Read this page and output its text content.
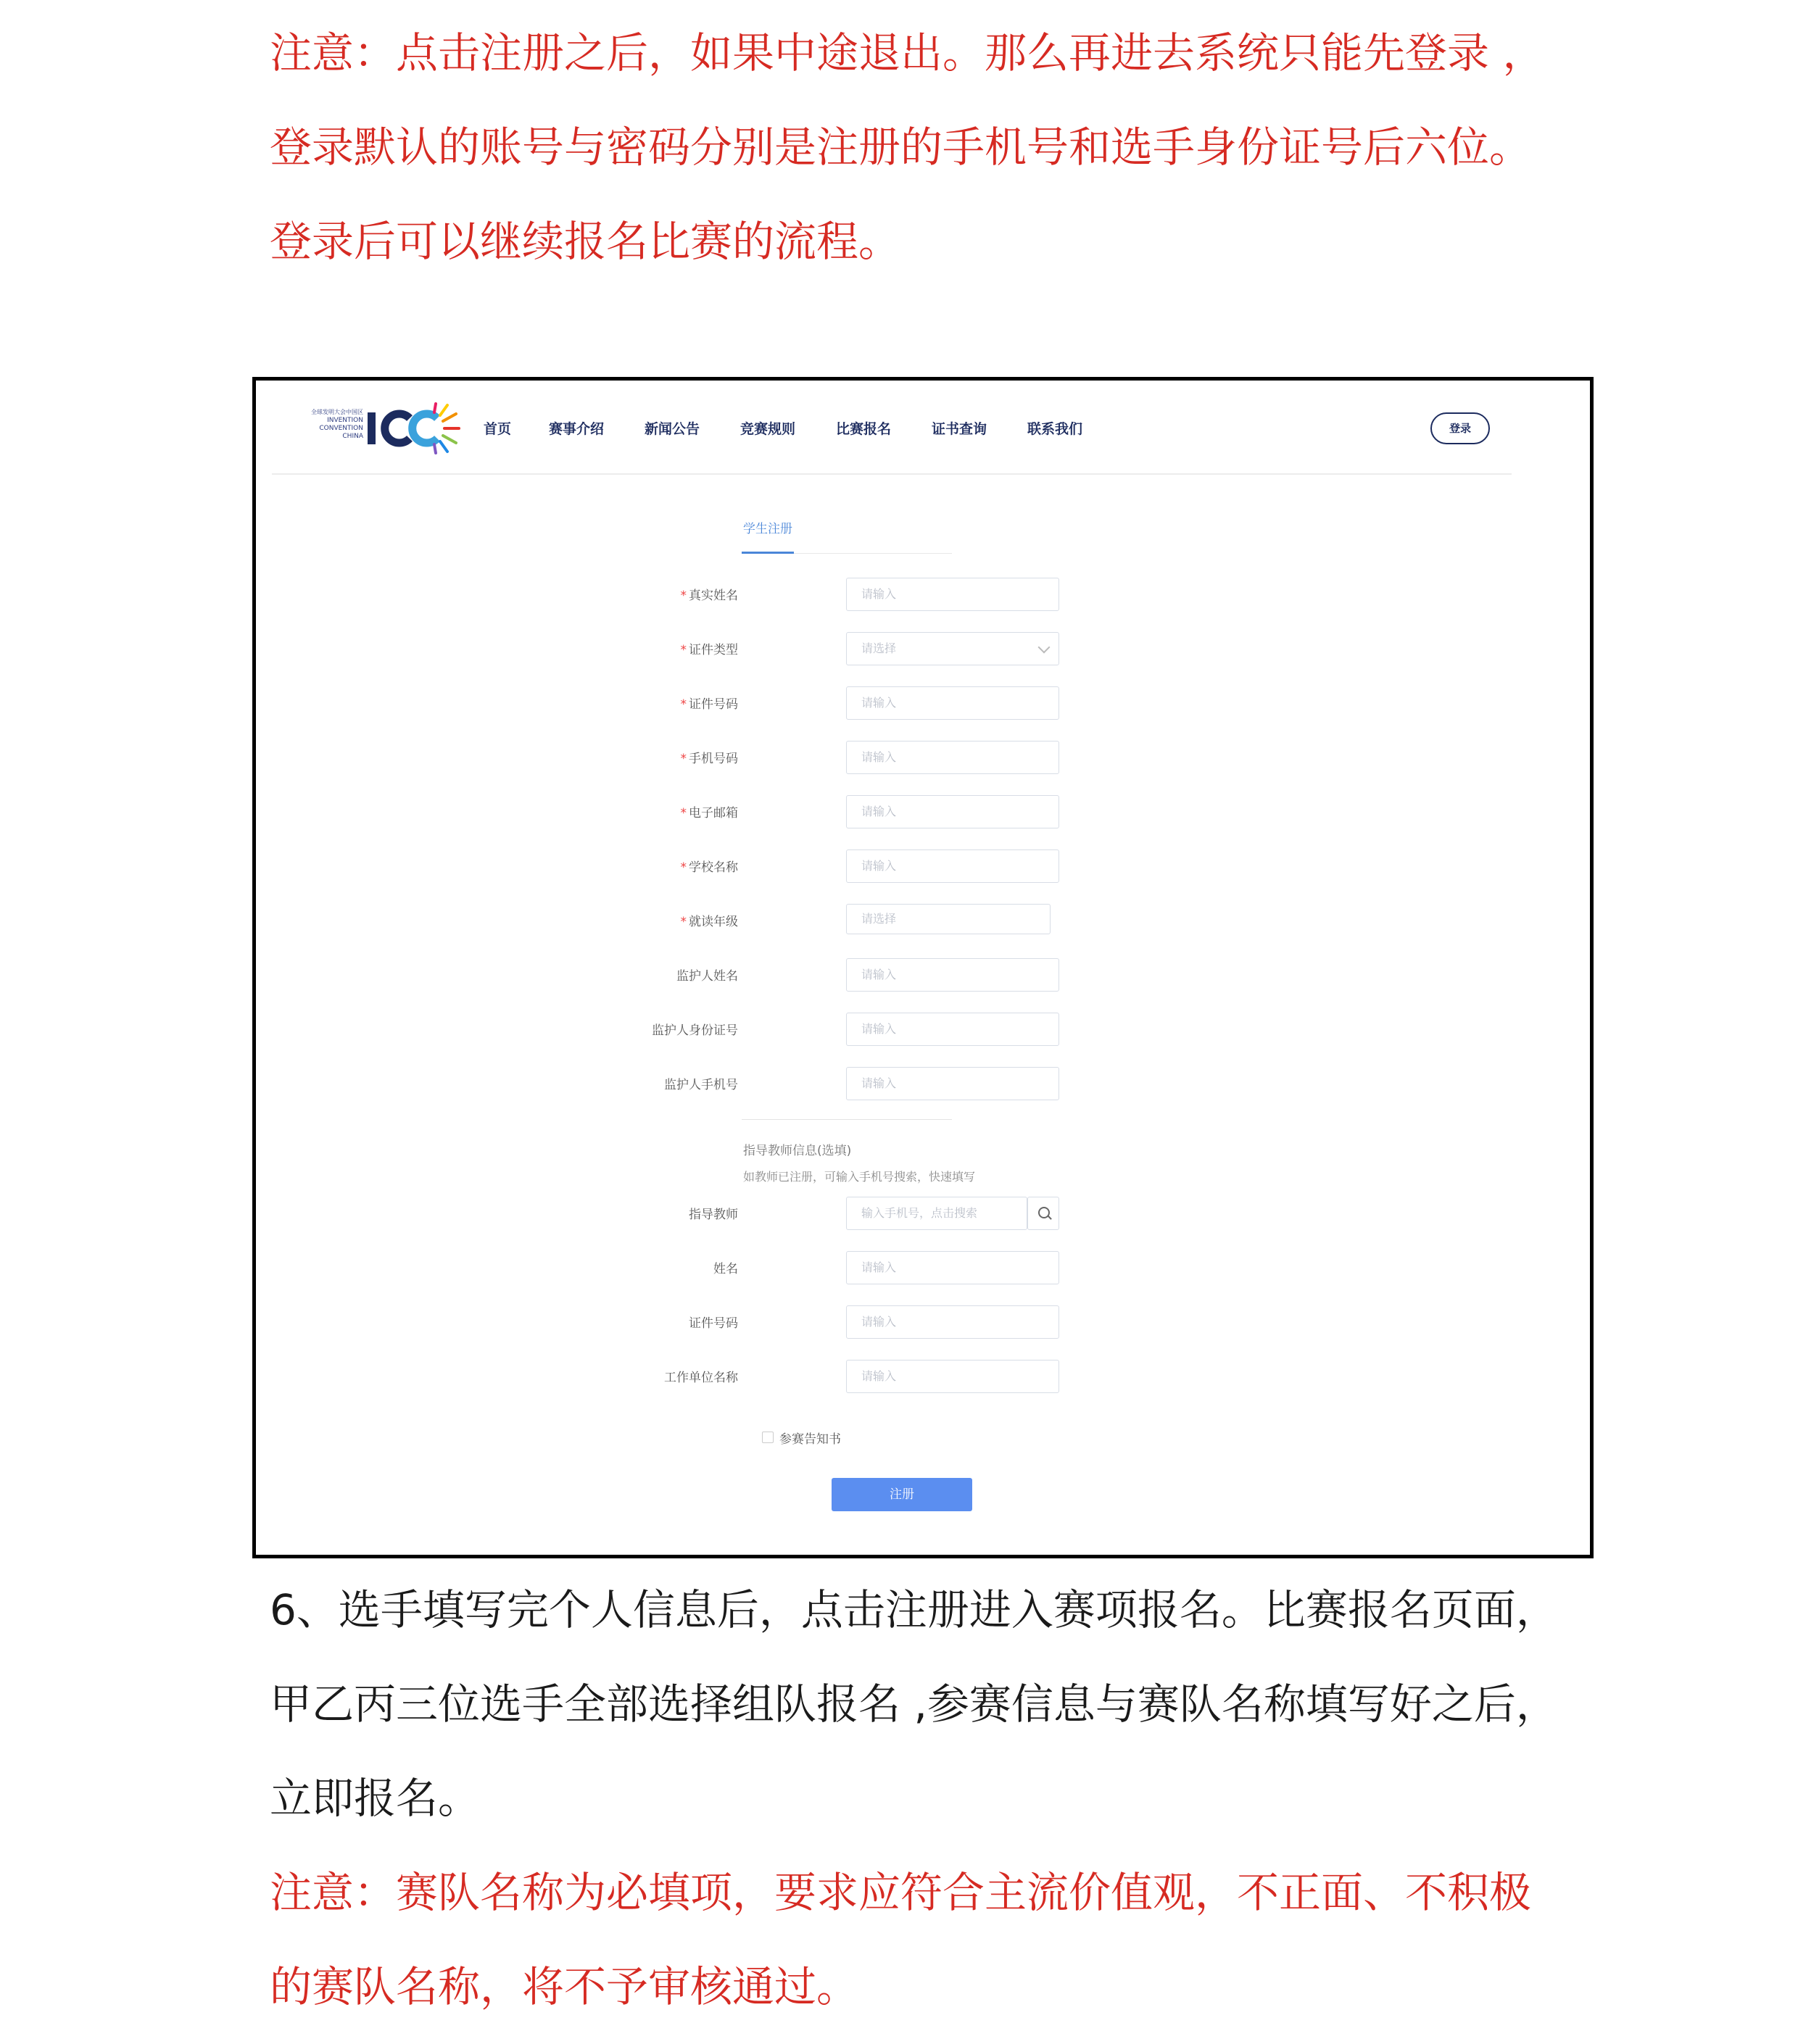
注意：点击注册之后，如果中途退出。那么再进去系统只能先登录 ，
登录默认的账号与密码分别是注册的手机号和选手身份证号后六位。
登录后可以继续报名比赛的流程。
全球发明大会中国区
INVENTION
CONVENTION
CHINA	首页	赛事介绍	新闻公告	竞赛规则	比赛报名	证书查询	联系我们	登录
学生注册
* 真实姓名	请输入
* 证件类型	请选择
* 证件号码	请输入
* 手机号码	请输入
* 电子邮箱	请输入
* 学校名称	请输入
* 就读年级	请选择
监护人姓名	请输入
监护人身份证号	请输入
监护人手机号	请输入
指导教师信息(选填)
如教师已注册，可输入手机号搜索，快速填写
指导教师	输入手机号，点击搜索
姓名	请输入
证件号码	请输入
工作单位名称	请输入
参赛告知书
注册
6、选手填写完个人信息后，点击注册进入赛项报名。比赛报名页面，
甲乙丙三位选手全部选择组队报名 ,参赛信息与赛队名称填写好之后，
立即报名。
注意：赛队名称为必填项，要求应符合主流价值观，不正面、不积极
的赛队名称，将不予审核通过。
